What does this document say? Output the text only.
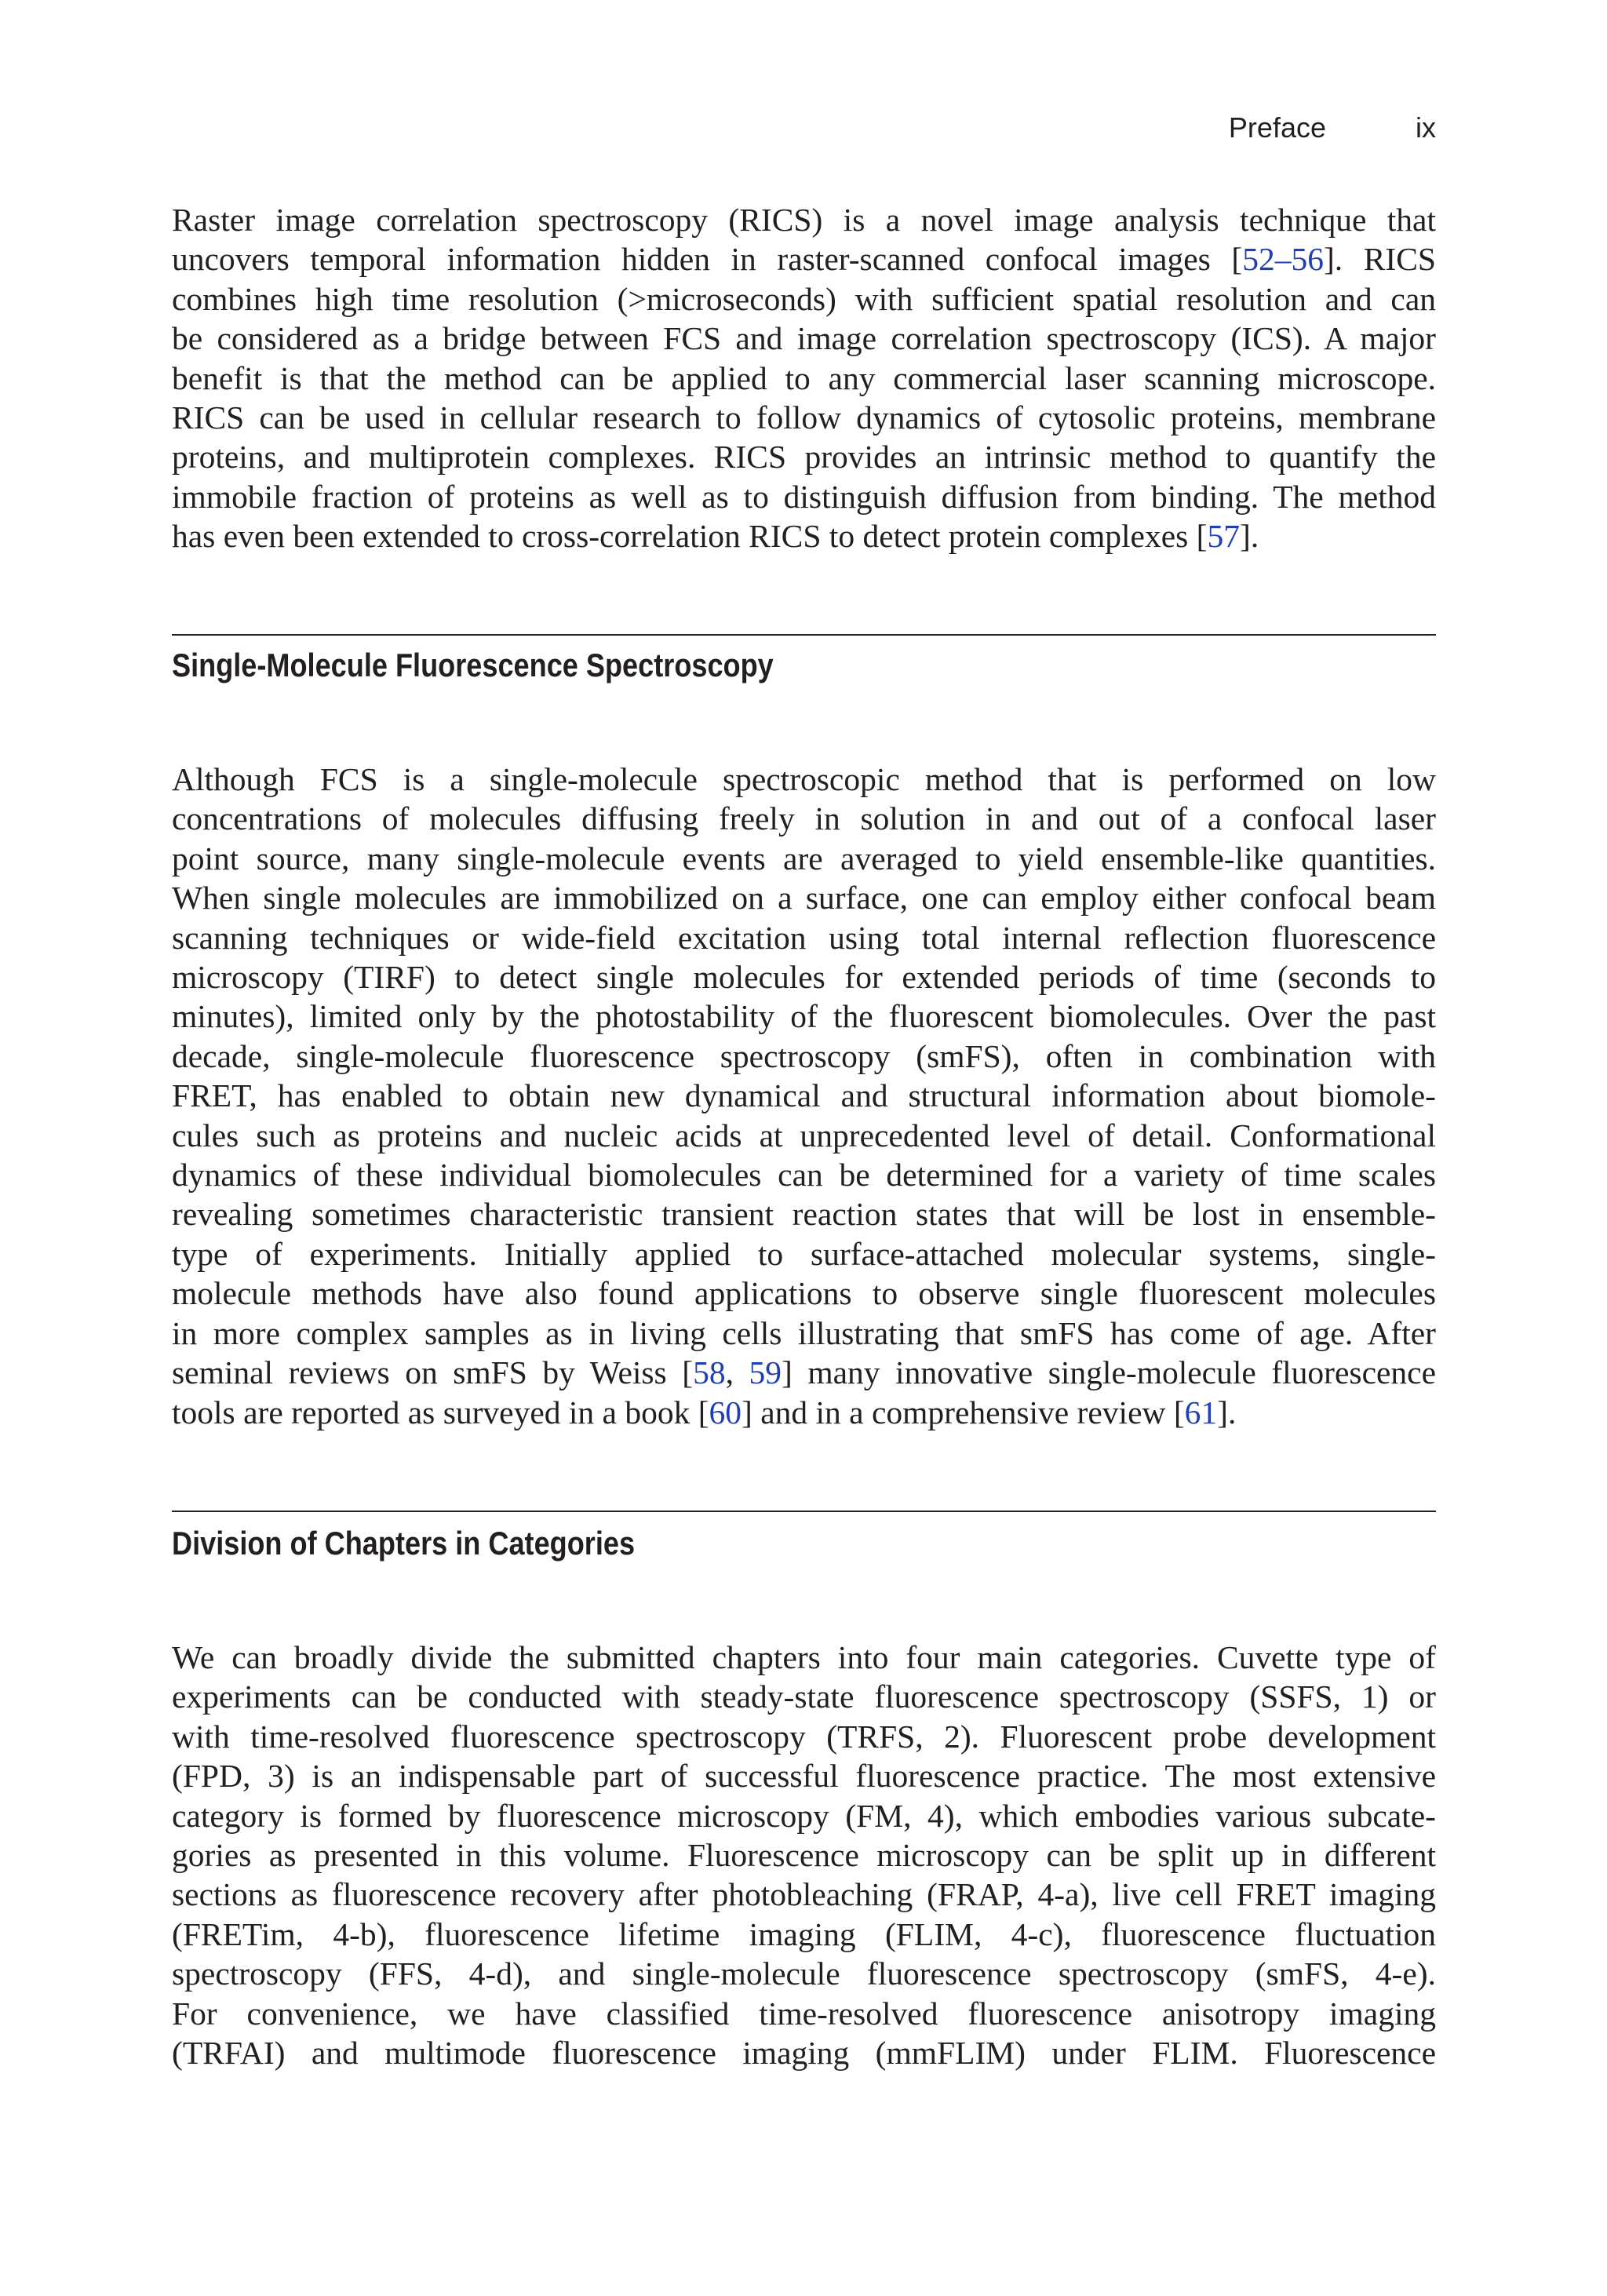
Preface	ix
Raster image correlation spectroscopy (RICS) is a novel image analysis technique that
uncovers temporal information hidden in raster-scanned confocal images [52–56]. RICS
combines high time resolution (>microseconds) with sufficient spatial resolution and can
be considered as a bridge between FCS and image correlation spectroscopy (ICS). A major
benefit is that the method can be applied to any commercial laser scanning microscope.
RICS can be used in cellular research to follow dynamics of cytosolic proteins, membrane
proteins, and multiprotein complexes. RICS provides an intrinsic method to quantify the
immobile fraction of proteins as well as to distinguish diffusion from binding. The method
has even been extended to cross-correlation RICS to detect protein complexes [57].
Single-Molecule Fluorescence Spectroscopy
Although FCS is a single-molecule spectroscopic method that is performed on low
concentrations of molecules diffusing freely in solution in and out of a confocal laser
point source, many single-molecule events are averaged to yield ensemble-like quantities.
When single molecules are immobilized on a surface, one can employ either confocal beam
scanning techniques or wide-field excitation using total internal reflection fluorescence
microscopy (TIRF) to detect single molecules for extended periods of time (seconds to
minutes), limited only by the photostability of the fluorescent biomolecules. Over the past
decade, single-molecule fluorescence spectroscopy (smFS), often in combination with
FRET, has enabled to obtain new dynamical and structural information about biomole-
cules such as proteins and nucleic acids at unprecedented level of detail. Conformational
dynamics of these individual biomolecules can be determined for a variety of time scales
revealing sometimes characteristic transient reaction states that will be lost in ensemble-
type of experiments. Initially applied to surface-attached molecular systems, single-
molecule methods have also found applications to observe single fluorescent molecules
in more complex samples as in living cells illustrating that smFS has come of age. After
seminal reviews on smFS by Weiss [58, 59] many innovative single-molecule fluorescence
tools are reported as surveyed in a book [60] and in a comprehensive review [61].
Division of Chapters in Categories
We can broadly divide the submitted chapters into four main categories. Cuvette type of
experiments can be conducted with steady-state fluorescence spectroscopy (SSFS, 1) or
with time-resolved fluorescence spectroscopy (TRFS, 2). Fluorescent probe development
(FPD, 3) is an indispensable part of successful fluorescence practice. The most extensive
category is formed by fluorescence microscopy (FM, 4), which embodies various subcate-
gories as presented in this volume. Fluorescence microscopy can be split up in different
sections as fluorescence recovery after photobleaching (FRAP, 4-a), live cell FRET imaging
(FRETim, 4-b), fluorescence lifetime imaging (FLIM, 4-c), fluorescence fluctuation
spectroscopy (FFS, 4-d), and single-molecule fluorescence spectroscopy (smFS, 4-e).
For convenience, we have classified time-resolved fluorescence anisotropy imaging
(TRFAI) and multimode fluorescence imaging (mmFLIM) under FLIM. Fluorescence
